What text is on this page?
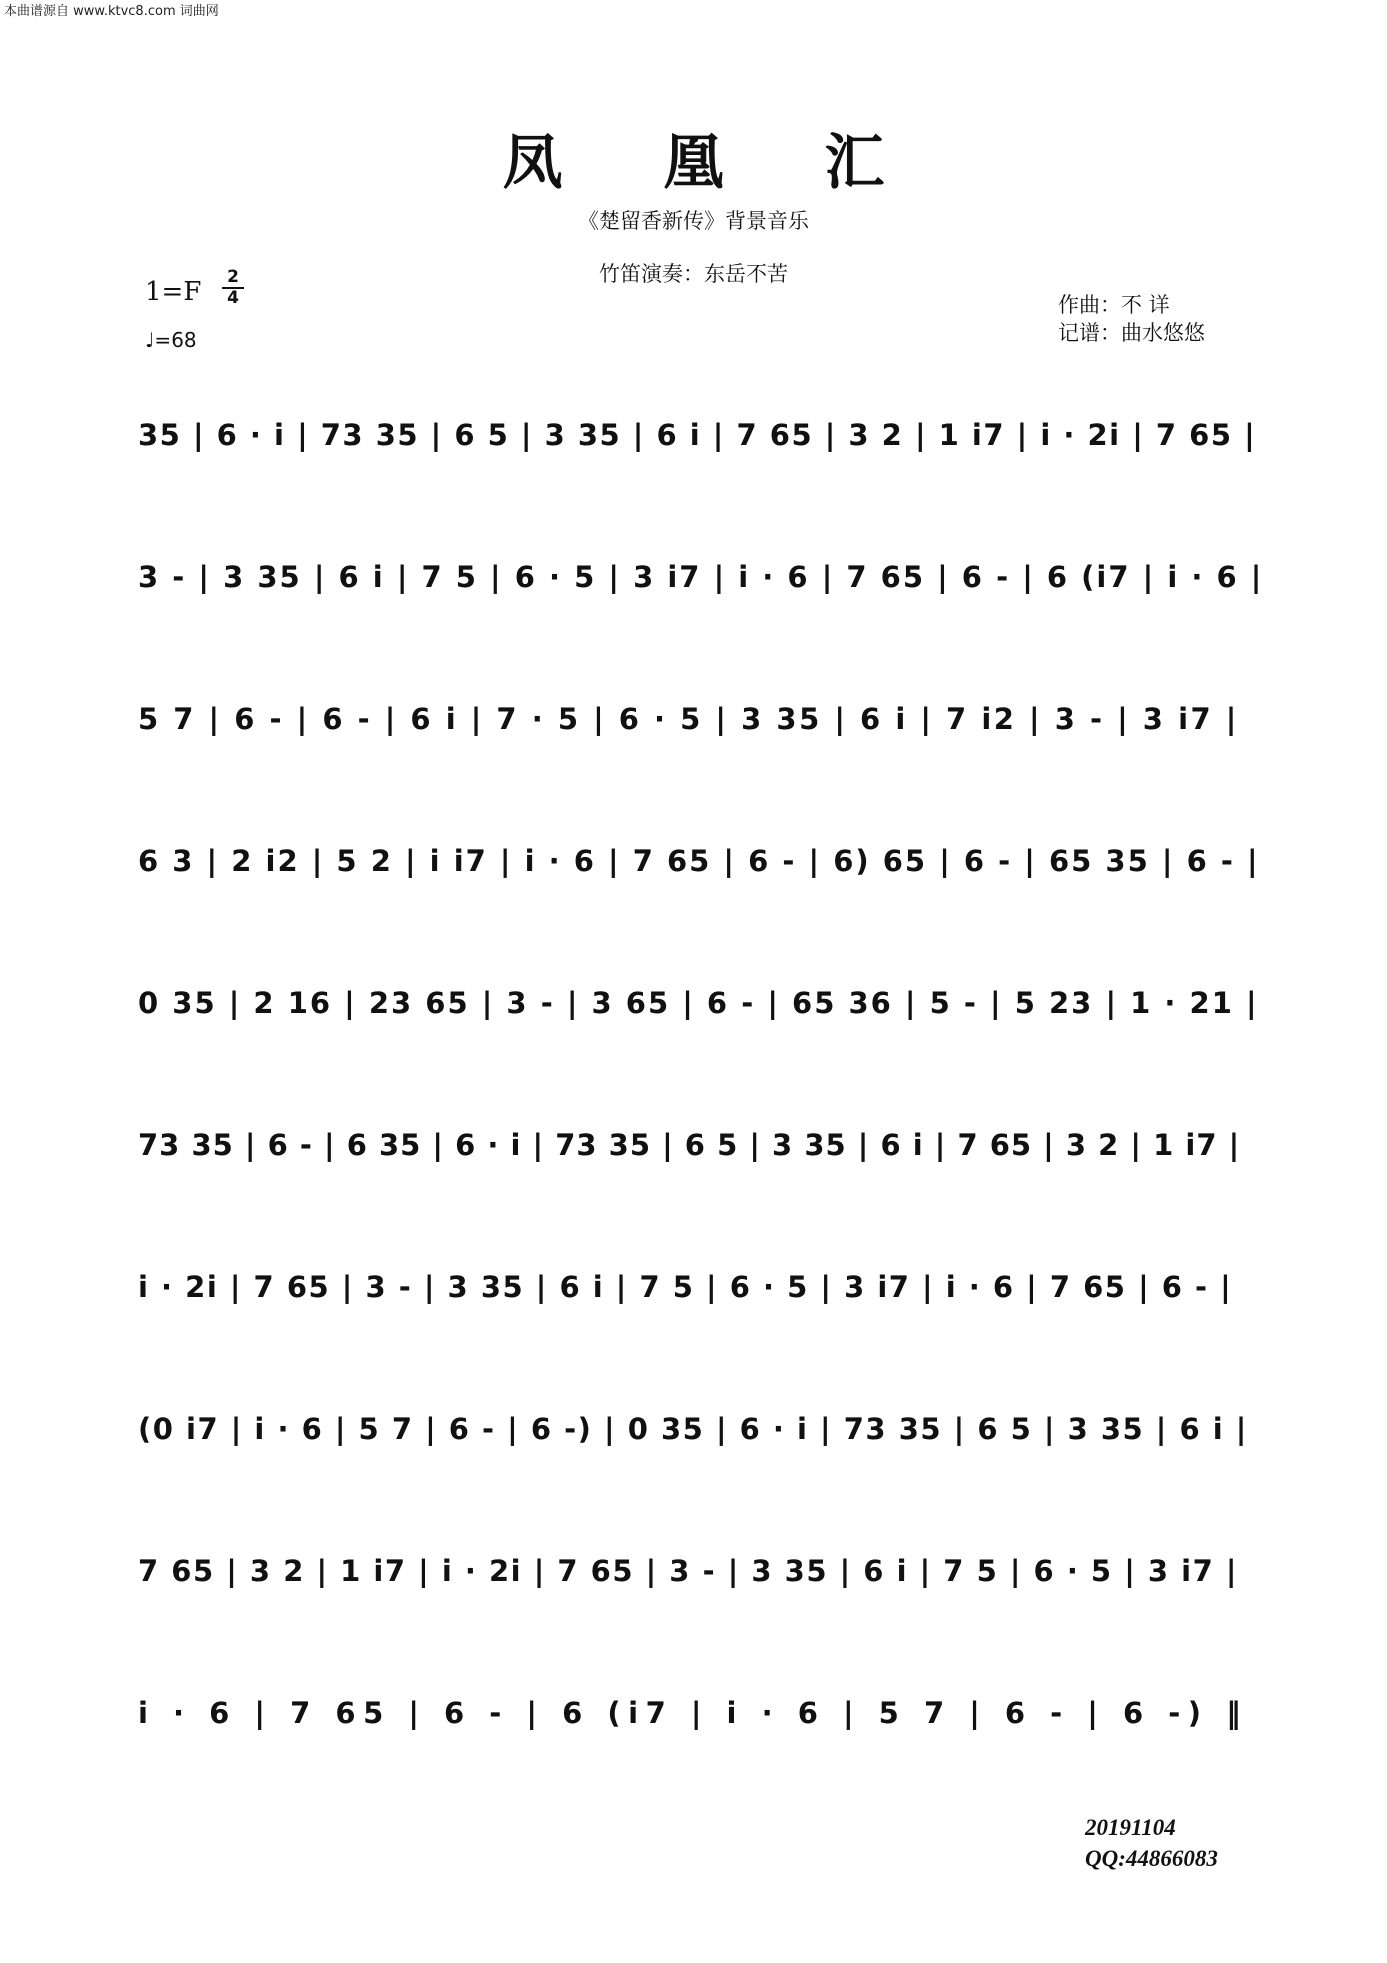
本曲谱源自 www.ktvc8.com 词曲网
凤 凰 汇
《楚留香新传》背景音乐
竹笛演奏：东岳不苦
1=F 2
4
♩=68
作曲：不 详
记谱：曲水悠悠
35 | 6 · i | 73 35 | 6 5 | 3 35 | 6 i | 7 65 | 3 2 | 1 i7 | i · 2i | 7 65 |
3 - | 3 35 | 6 i | 7 5 | 6 · 5 | 3 i7 | i · 6 | 7 65 | 6 - | 6 (i7 | i · 6 |
5 7 | 6 - | 6 - | 6 i | 7 · 5 | 6 · 5 | 3 35 | 6 i | 7 i2 | 3 - | 3 i7 |
6 3 | 2 i2 | 5 2 | i i7 | i · 6 | 7 65 | 6 - | 6) 65 | 6 - | 65 35 | 6 - |
0 35 | 2 16 | 23 65 | 3 - | 3 65 | 6 - | 65 36 | 5 - | 5 23 | 1 · 21 |
73 35 | 6 - | 6 35 | 6 · i | 73 35 | 6 5 | 3 35 | 6 i | 7 65 | 3 2 | 1 i7 |
i · 2i | 7 65 | 3 - | 3 35 | 6 i | 7 5 | 6 · 5 | 3 i7 | i · 6 | 7 65 | 6 - |
(0 i7 | i · 6 | 5 7 | 6 - | 6 -) | 0 35 | 6 · i | 73 35 | 6 5 | 3 35 | 6 i |
7 65 | 3 2 | 1 i7 | i · 2i | 7 65 | 3 - | 3 35 | 6 i | 7 5 | 6 · 5 | 3 i7 |
i · 6 | 7 65 | 6 - | 6 (i7 | i · 6 | 5 7 | 6 - | 6 -) ‖
20191104
QQ:44866083
